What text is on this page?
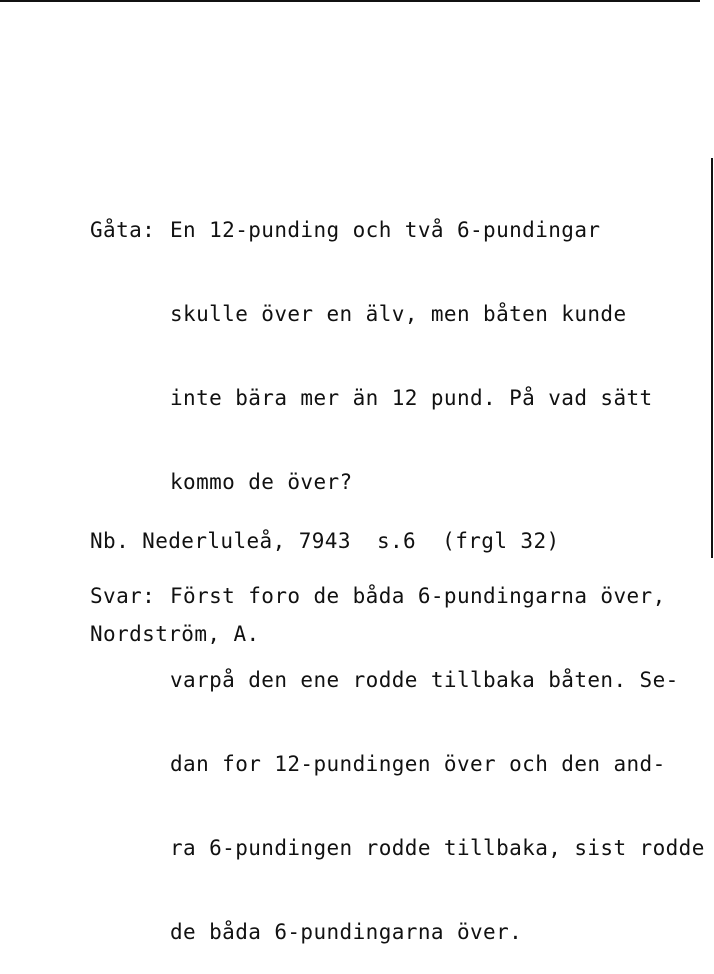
Gåta: En 12-punding och två 6-pundingar

skulle över en älv, men båten kunde

inte bära mer än 12 pund. På vad sätt

kommo de över?

Svar: Först foro de båda 6-pundingarna över,

varpå den ene rodde tillbaka båten. Se-

dan for 12-pundingen över och den and-

ra 6-pundingen rodde tillbaka, sist rodde

de båda 6-pundingarna över.

Nb. Nederluleå, 7943  s.6  (frgl 32)

Nordström, A.
